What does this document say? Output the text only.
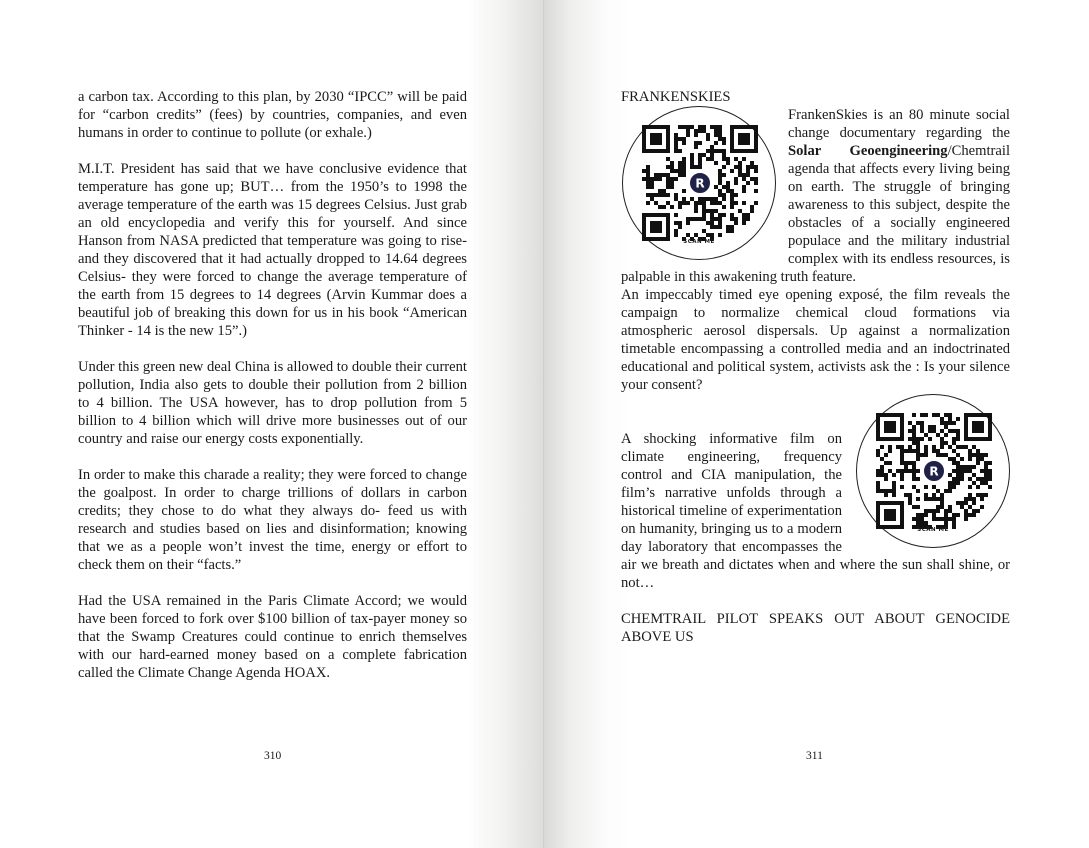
a carbon tax. According to this plan, by 2030 “IPCC” will be paid for “carbon credits” (fees) by countries, companies, and even humans in order to continue to pollute (or exhale.)

M.I.T. President has said that we have conclusive evidence that temperature has gone up; BUT… from the 1950’s to 1998 the average temperature of the earth was 15 degrees Celsius. Just grab an old encyclopedia and verify this for yourself. And since Hanson from NASA predicted that temperature was going to rise- and they discovered that it had actually dropped to 14.64 degrees Celsius- they were forced to change the average temperature of the earth from 15 degrees to 14 degrees (Arvin Kummar does a beautiful job of breaking this down for us in his book “American Thinker - 14 is the new 15”.)

Under this green new deal China is allowed to double their current pollution, India also gets to double their pollution from 2 billion to 4 billion. The USA however, has to drop pollution from 5 billion to 4 billion which will drive more businesses out of our country and raise our energy costs exponentially.

In order to make this charade a reality; they were forced to change the goalpost. In order to charge trillions of dollars in carbon credits; they chose to do what they always do- feed us with research and studies based on lies and disinformation; knowing that we as a people won’t invest the time, energy or effort to check them on their “facts.”

Had the USA remained in the Paris Climate Accord; we would have been forced to fork over $100 billion of tax-payer money so that the Swamp Creatures could continue to enrich themselves with our hard-earned money based on a complete fabrication called the Climate Change Agenda HOAX.

310

FRANKENSKIES

R
SCAN ME

FrankenSkies is an 80 minute social change documentary regarding the Solar Geoengineering/Chemtrail agenda that affects every living being on earth. The struggle of bringing awareness to this subject, despite the obstacles of a socially engineered populace and the military industrial complex with its endless resources, is palpable in this awakening truth feature.

An impeccably timed eye opening exposé, the film reveals the campaign to normalize chemical cloud formations via atmospheric aerosol dispersals. Up against a normalization timetable encompassing a controlled media and an indoctrinated educational and political system, activists ask the : Is your silence your consent?

R
SCAN ME

A shocking informative film on climate engineering, frequency control and CIA manipulation, the film’s narrative unfolds through a historical timeline of experimentation on humanity, bringing us to a modern day laboratory that encompasses the air we breath and dictates when and where the sun shall shine, or not…

CHEMTRAIL PILOT SPEAKS OUT ABOUT GENOCIDE ABOVE US

311
